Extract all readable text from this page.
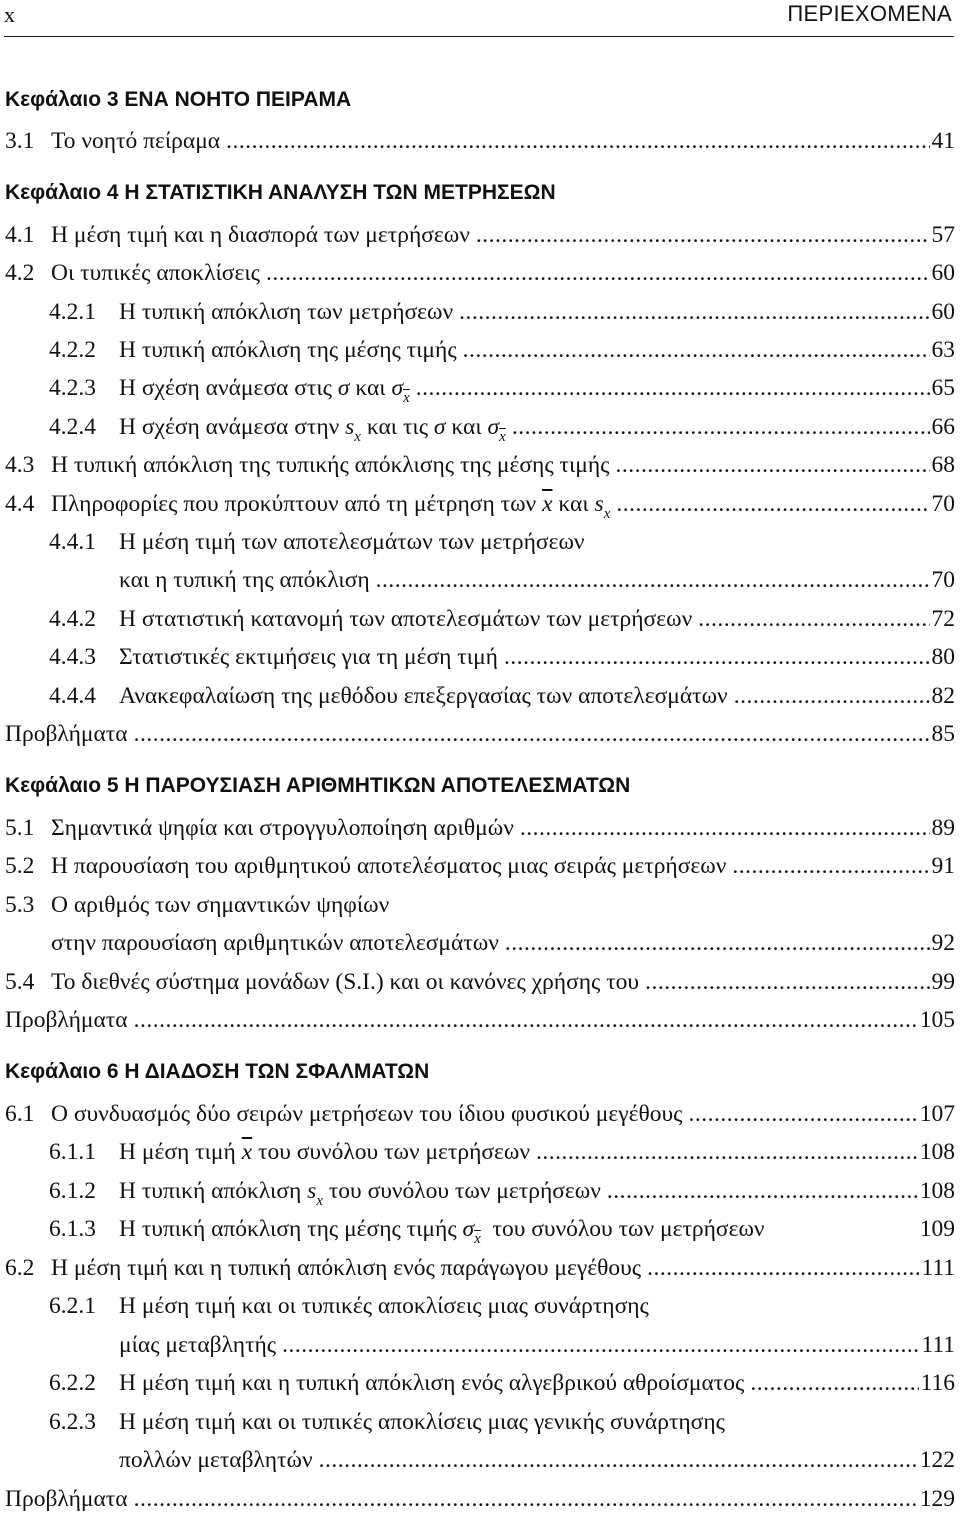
x	ΠΕΡΙΕΧΟΜΕΝΑ
Κεφάλαιο 3 ΕΝΑ ΝΟΗΤΟ ΠΕΙΡΑΜΑ
3.1 Το νοητό πείραμα .....	41
Κεφάλαιο 4 Η ΣΤΑΤΙΣΤΙΚΗ ΑΝΑΛΥΣΗ ΤΩΝ ΜΕΤΡΗΣΕΩΝ
4.1 Η μέση τιμή και η διασπορά των μετρήσεων .....	57
4.2 Οι τυπικές αποκλίσεις .....	60
4.2.1 Η τυπική απόκλιση των μετρήσεων .....	60
4.2.2 Η τυπική απόκλιση της μέσης τιμής .....	63
4.2.3 Η σχέση ανάμεσα στις σ και $\sigma_{\overline{x}}$ .....	65
4.2.4 Η σχέση ανάμεσα στην $s_x$ και τις σ και $\sigma_{\overline{x}}$ .....	66
4.3 Η τυπική απόκλιση της τυπικής απόκλισης της μέσης τιμής .....	68
4.4 Πληροφορίες που προκύπτουν από τη μέτρηση των $\overline{x}$ και $s_x$ .....	70
4.4.1 Η μέση τιμή των αποτελεσμάτων των μετρήσεων
και η τυπική της απόκλιση .....	70
4.4.2 Η στατιστική κατανομή των αποτελεσμάτων των μετρήσεων .....	72
4.4.3 Στατιστικές εκτιμήσεις για τη μέση τιμή .....	80
4.4.4 Ανακεφαλαίωση της μεθόδου επεξεργασίας των αποτελεσμάτων .....	82
Προβλήματα .....	85
Κεφάλαιο 5 Η ΠΑΡΟΥΣΙΑΣΗ ΑΡΙΘΜΗΤΙΚΩΝ ΑΠΟΤΕΛΕΣΜΑΤΩΝ
5.1 Σημαντικά ψηφία και στρογγυλοποίηση αριθμών .....	89
5.2 Η παρουσίαση του αριθμητικού αποτελέσματος μιας σειράς μετρήσεων .....	91
5.3 Ο αριθμός των σημαντικών ψηφίων
στην παρουσίαση αριθμητικών αποτελεσμάτων .....	92
5.4 Το διεθνές σύστημα μονάδων (S.I.) και οι κανόνες χρήσης του .....	99
Προβλήματα .....	105
Κεφάλαιο 6 Η ΔΙΑΔΟΣΗ ΤΩΝ ΣΦΑΛΜΑΤΩΝ
6.1 Ο συνδυασμός δύο σειρών μετρήσεων του ίδιου φυσικού μεγέθους .....	107
6.1.1 Η μέση τιμή $\overline{x}$ του συνόλου των μετρήσεων .....	108
6.1.2 Η τυπική απόκλιση $s_x$ του συνόλου των μετρήσεων .....	108
6.1.3 Η τυπική απόκλιση της μέσης τιμής $\sigma_{\overline{x}}$ του συνόλου των μετρήσεων	109
6.2 Η μέση τιμή και η τυπική απόκλιση ενός παράγωγου μεγέθους .....	111
6.2.1 Η μέση τιμή και οι τυπικές αποκλίσεις μιας συνάρτησης
μίας μεταβλητής .....	111
6.2.2 Η μέση τιμή και η τυπική απόκλιση ενός αλγεβρικού αθροίσματος .....	116
6.2.3 Η μέση τιμή και οι τυπικές αποκλίσεις μιας γενικής συνάρτησης
πολλών μεταβλητών .....	122
Προβλήματα .....	129
